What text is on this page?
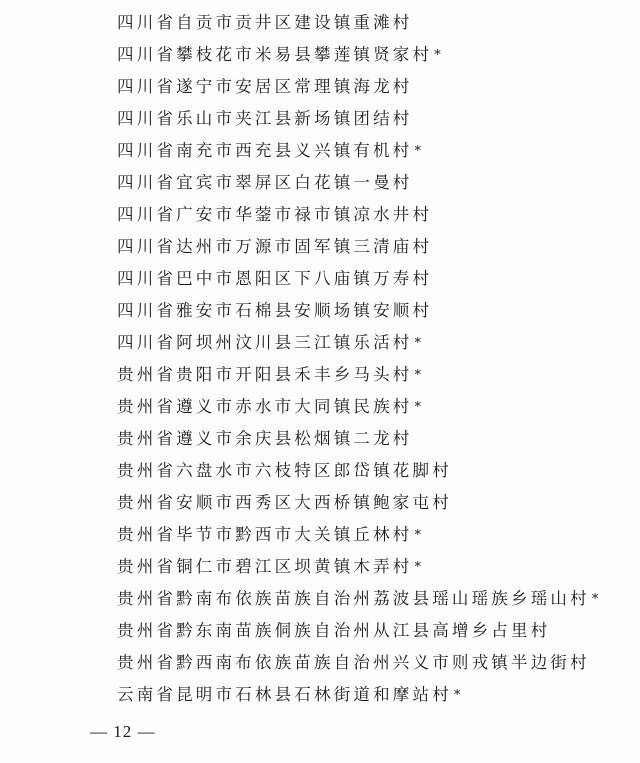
四川省自贡市贡井区建设镇重滩村
四川省攀枝花市米易县攀莲镇贤家村 *
四川省遂宁市安居区常理镇海龙村
四川省乐山市夹江县新场镇团结村
四川省南充市西充县义兴镇有机村 *
四川省宜宾市翠屏区白花镇一曼村
四川省广安市华蓥市禄市镇凉水井村
四川省达州市万源市固军镇三清庙村
四川省巴中市恩阳区下八庙镇万寿村
四川省雅安市石棉县安顺场镇安顺村
四川省阿坝州汶川县三江镇乐活村 *
贵州省贵阳市开阳县禾丰乡马头村 *
贵州省遵义市赤水市大同镇民族村 *
贵州省遵义市余庆县松烟镇二龙村
贵州省六盘水市六枝特区郎岱镇花脚村
贵州省安顺市西秀区大西桥镇鲍家屯村
贵州省毕节市黔西市大关镇丘林村 *
贵州省铜仁市碧江区坝黄镇木弄村 *
贵州省黔南布依族苗族自治州荔波县瑶山瑶族乡瑶山村 *
贵州省黔东南苗族侗族自治州从江县高增乡占里村
贵州省黔西南布依族苗族自治州兴义市则戎镇半边街村
云南省昆明市石林县石林街道和摩站村 *
— 12 —
